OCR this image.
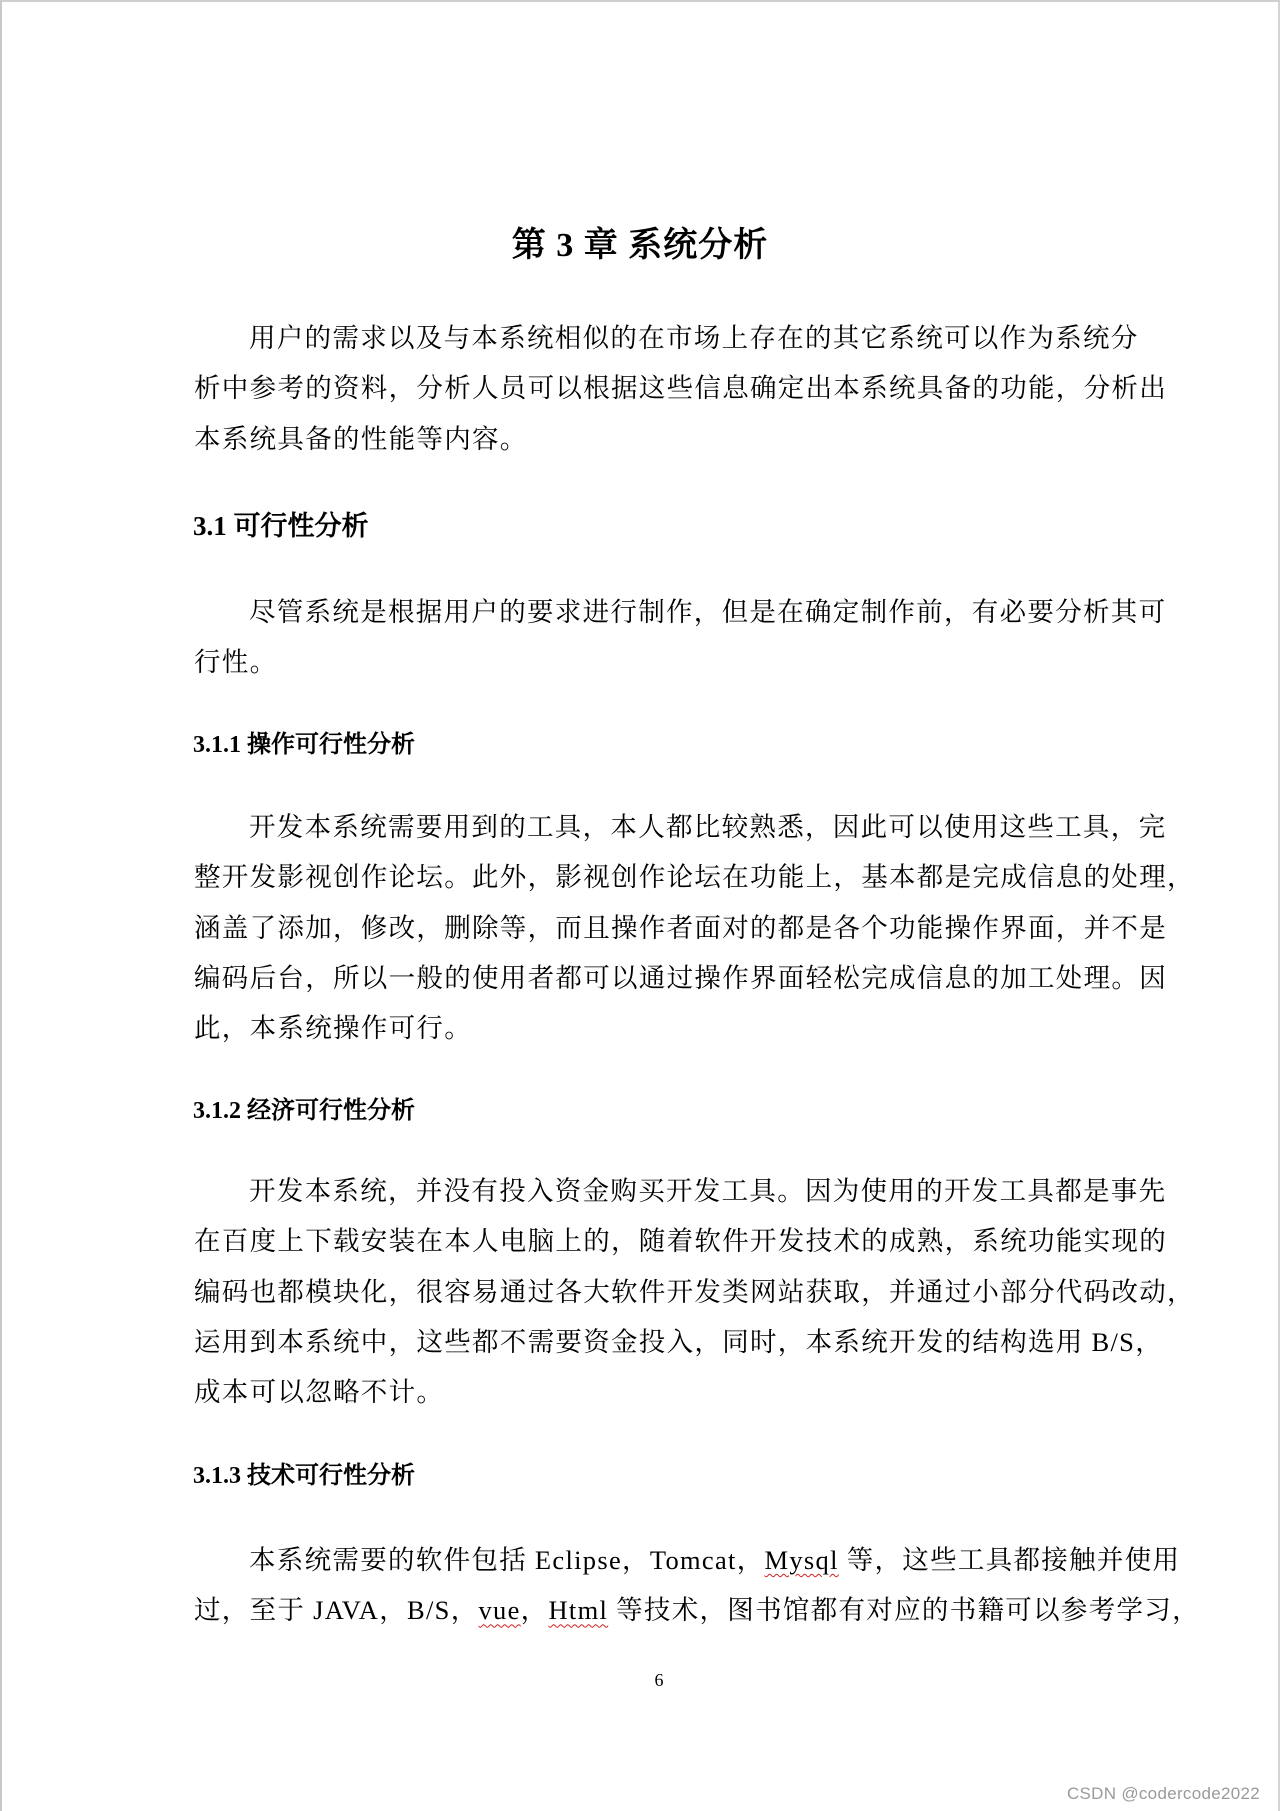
第 3 章 系统分析
用户的需求以及与本系统相似的在市场上存在的其它系统可以作为系统分
析中参考的资料，分析人员可以根据这些信息确定出本系统具备的功能，分析出
本系统具备的性能等内容。
3.1 可行性分析
尽管系统是根据用户的要求进行制作，但是在确定制作前，有必要分析其可
行性。
3.1.1 操作可行性分析
开发本系统需要用到的工具，本人都比较熟悉，因此可以使用这些工具，完
整开发影视创作论坛。此外，影视创作论坛在功能上，基本都是完成信息的处理，
涵盖了添加，修改，删除等，而且操作者面对的都是各个功能操作界面，并不是
编码后台，所以一般的使用者都可以通过操作界面轻松完成信息的加工处理。因
此，本系统操作可行。
3.1.2 经济可行性分析
开发本系统，并没有投入资金购买开发工具。因为使用的开发工具都是事先
在百度上下载安装在本人电脑上的，随着软件开发技术的成熟，系统功能实现的
编码也都模块化，很容易通过各大软件开发类网站获取，并通过小部分代码改动，
运用到本系统中，这些都不需要资金投入，同时，本系统开发的结构选用 B/S，
成本可以忽略不计。
3.1.3 技术可行性分析
本系统需要的软件包括 Eclipse，Tomcat，Mysql 等，这些工具都接触并使用
过，至于 JAVA，B/S，vue，Html 等技术，图书馆都有对应的书籍可以参考学习，
6
CSDN @codercode2022
